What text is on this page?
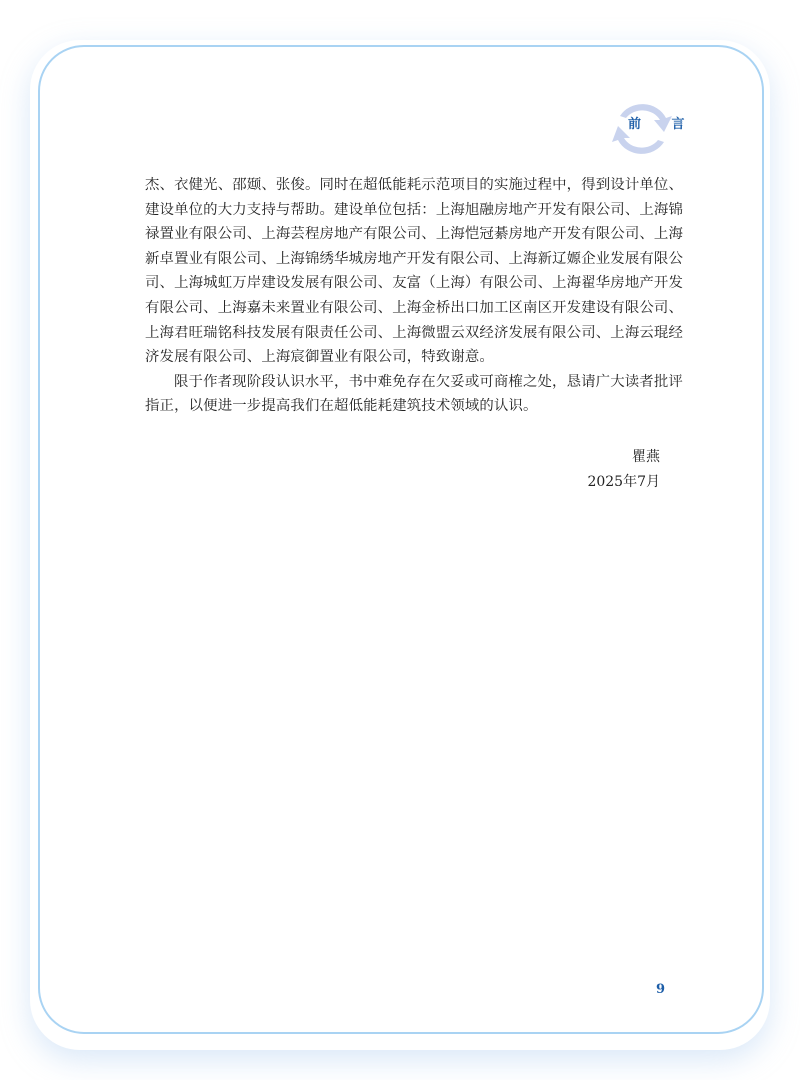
前 言
杰、衣健光、邵颋、张俊。同时在超低能耗示范项目的实施过程中，得到设计单位、
建设单位的大力支持与帮助。建设单位包括：上海旭融房地产开发有限公司、上海锦
禄置业有限公司、上海芸程房地产有限公司、上海恺冠綦房地产开发有限公司、上海
新卓置业有限公司、上海锦绣华城房地产开发有限公司、上海新辽嫄企业发展有限公
司、上海城虹万岸建设发展有限公司、友富（上海）有限公司、上海翟华房地产开发
有限公司、上海嘉未来置业有限公司、上海金桥出口加工区南区开发建设有限公司、
上海君旺瑞铭科技发展有限责任公司、上海微盟云双经济发展有限公司、上海云琨经
济发展有限公司、上海宸御置业有限公司，特致谢意。
限于作者现阶段认识水平，书中难免存在欠妥或可商榷之处，恳请广大读者批评
指正，以便进一步提高我们在超低能耗建筑技术领域的认识。
瞿燕
2025年7月
9
